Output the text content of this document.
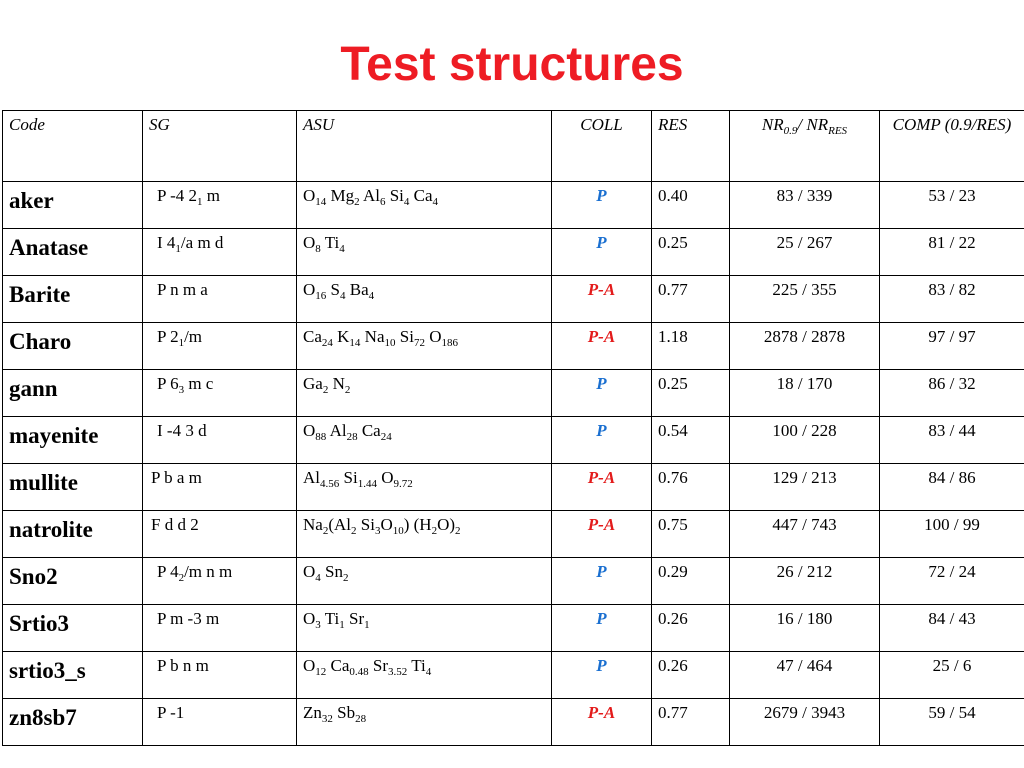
Test structures
Code	SG	ASU	COLL	RES	$NR_{0.9}/$ $NR_{RES}$	COMP (0.9/RES)
aker	P -4 $2_1$ m	$O_{14}$ $Mg_2$ $Al_6$ $Si_4$ $Ca_4$	P	0.40	83 / 339	53 / 23
Anatase	I $4_1/a$ m d	$O_8$ $Ti_4$	P	0.25	25 / 267	81 / 22
Barite	P n m a	$O_{16}$ $S_4$ $Ba_4$	P-A	0.77	225 / 355	83 / 82
Charo	P $2_1/m$	$Ca_{24}$ $K_{14}$ $Na_{10}$ $Si_{72}$ $O_{186}$	P-A	1.18	2878 / 2878	97 / 97
gann	P $6_3$ m c	$Ga_2$ $N_2$	P	0.25	18 / 170	86 / 32
mayenite	I -4 3 d	$O_{88}$ $Al_{28}$ $Ca_{24}$	P	0.54	100 / 228	83 / 44
mullite	P b a m	$Al_{4.56}$ $Si_{1.44}$ $O_{9.72}$	P-A	0.76	129 / 213	84 / 86
natrolite	F d d 2	$Na_2(Al_2$ $Si_3O_{10}$) $(H_2O)_2$	P-A	0.75	447 / 743	100 / 99
Sno2	P $4_2/m$ n m	$O_4$ $Sn_2$	P	0.29	26 / 212	72 / 24
Srtio3	P m -3 m	$O_3$ $Ti_1$ $Sr_1$	P	0.26	16 / 180	84 / 43
srtio3_s	P b n m	$O_{12}$ $Ca_{0.48}$ $Sr_{3.52}$ $Ti_4$	P	0.26	47 / 464	25 / 6
zn8sb7	P -1	$Zn_{32}$ $Sb_{28}$	P-A	0.77	2679 / 3943	59 / 54
